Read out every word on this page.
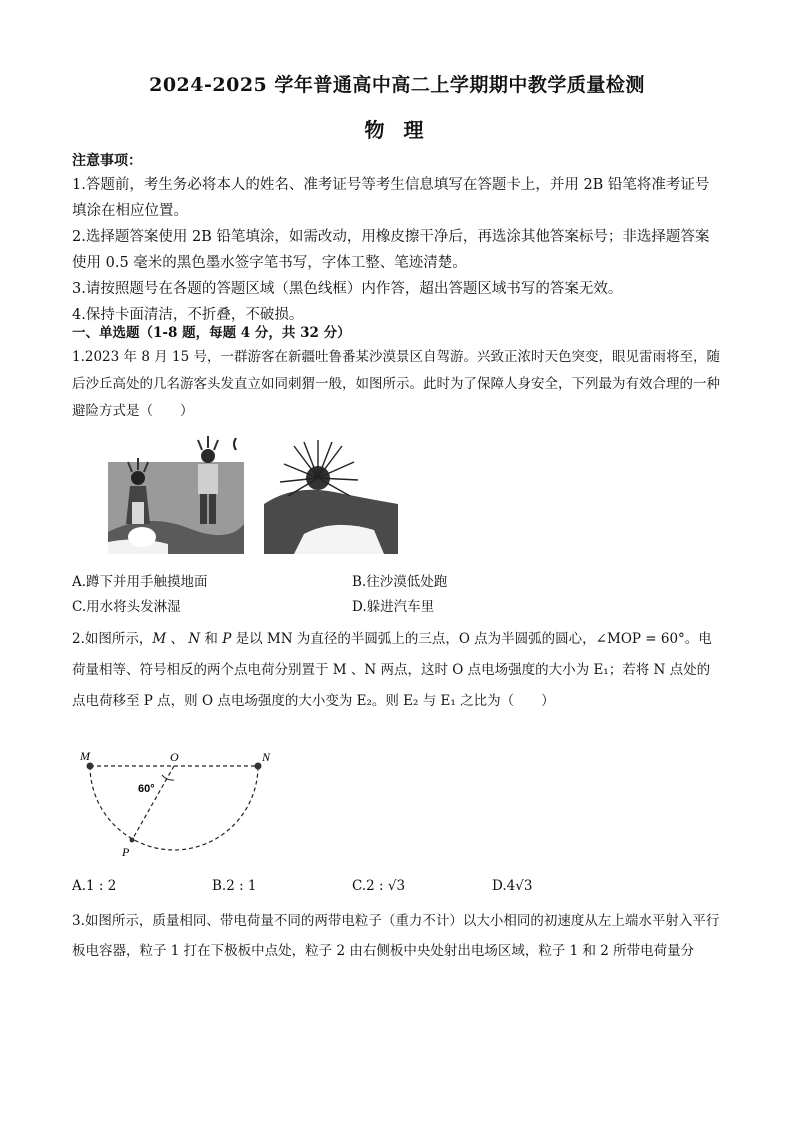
2024-2025 学年普通高中高二上学期期中教学质量检测
物 理
注意事项：

1.答题前，考生务必将本人的姓名、准考证号等考生信息填写在答题卡上，并用 2B 铅笔将准考证号填涂在相应位置。

2.选择题答案使用 2B 铅笔填涂，如需改动，用橡皮擦干净后，再选涂其他答案标号；非选择题答案使用 0.5 毫米的黑色墨水签字笔书写，字体工整、笔迹清楚。

3.请按照题号在各题的答题区域（黑色线框）内作答，超出答题区域书写的答案无效。

4.保持卡面清洁，不折叠，不破损。

一、单选题（1-8 题，每题 4 分，共 32 分）

1.2023 年 8 月 15 号，一群游客在新疆吐鲁番某沙漠景区自驾游。兴致正浓时天色突变，眼见雷雨将至，随后沙丘高处的几名游客头发直立如同刺猬一般，如图所示。此时为了保障人身安全，下列最为有效合理的一种避险方式是（　　）

A.蹲下并用手触摸地面	B.往沙漠低处跑
C.用水将头发淋湿	D.躲进汽车里

2.如图所示，M 、 N 和 P 是以 MN 为直径的半圆弧上的三点，O 点为半圆弧的圆心，∠MOP = 60°。电荷量相等、符号相反的两个点电荷分别置于 M 、N 两点，这时 O 点电场强度的大小为 E₁；若将 N 点处的点电荷移至 P 点，则 O 点电场强度的大小变为 E₂。则 E₂ 与 E₁ 之比为（　　）

M	O	N
P
60°
A.1 : 2	B.2 : 1	C.2 : √3	D.4√3

3.如图所示，质量相同、带电荷量不同的两带电粒子（重力不计）以大小相同的初速度从左上端水平射入平行板电容器，粒子 1 打在下极板中点处，粒子 2 由右侧板中央处射出电场区域，粒子 1 和 2 所带电荷量分
